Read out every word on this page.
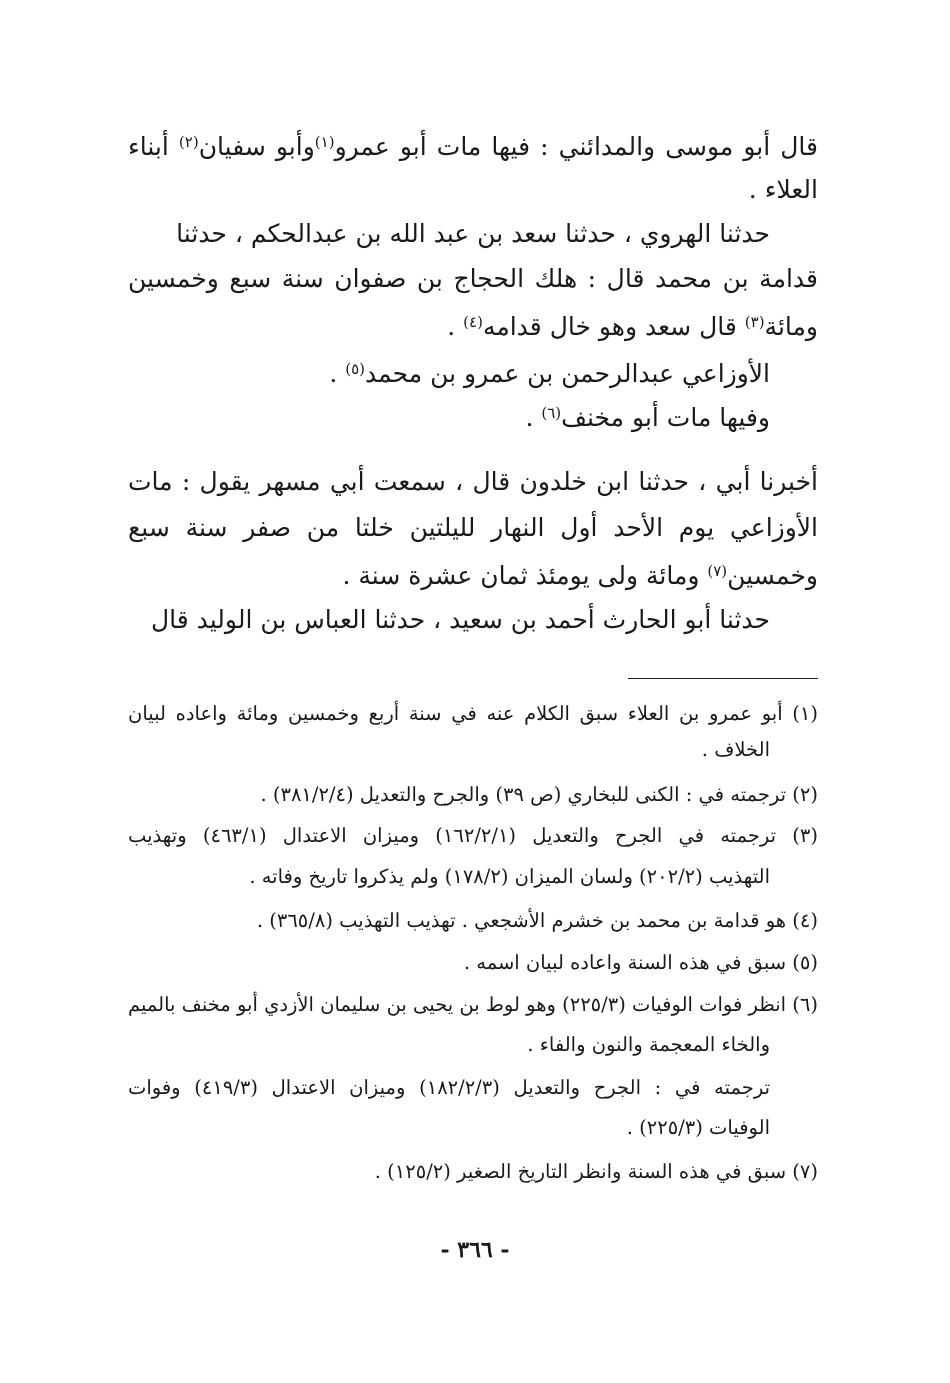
قال أبو موسى والمدائني : فيها مات أبو عمرو$^{(١)}$وأبو سفيان$^{(٢)}$ أبناء
العلاء .
حدثنا الهروي ، حدثنا سعد بن عبد الله بن عبدالحكم ، حدثنا
قدامة بن محمد قال : هلك الحجاج بن صفوان سنة سبع وخمسين
ومائة$^{(٣)}$ قال سعد وهو خال قدامه$^{(٤)}$ .
الأوزاعي عبدالرحمن بن عمرو بن محمد$^{(٥)}$ .
وفيها مات أبو مخنف$^{(٦)}$ .
أخبرنا أبي ، حدثنا ابن خلدون قال ، سمعت أبي مسهر يقول : مات
الأوزاعي يوم الأحد أول النهار لليلتين خلتا من صفر سنة سبع
وخمسين$^{(٧)}$ ومائة ولى يومئذ ثمان عشرة سنة .
حدثنا أبو الحارث أحمد بن سعيد ، حدثنا العباس بن الوليد قال
(١) أبو عمرو بن العلاء سبق الكلام عنه في سنة أربع وخمسين ومائة واعاده لبيان
الخلاف .
(٢) ترجمته في : الكنى للبخاري (ص ٣٩) والجرح والتعديل (٣٨١/٢/٤) .
(٣) ترجمته في الجرح والتعديل (١٦٢/٢/١) وميزان الاعتدال (٤٦٣/١) وتهذيب
التهذيب (٢٠٢/٢) ولسان الميزان (١٧٨/٢) ولم يذكروا تاريخ وفاته .
(٤) هو قدامة بن محمد بن خشرم الأشجعي . تهذيب التهذيب (٣٦٥/٨) .
(٥) سبق في هذه السنة واعاده لبيان اسمه .
(٦) انظر فوات الوفيات (٢٢٥/٣) وهو لوط بن يحيى بن سليمان الأزدي أبو مخنف بالميم
والخاء المعجمة والنون والفاء .
ترجمته في : الجرح والتعديل (١٨٢/٢/٣) وميزان الاعتدال (٤١٩/٣) وفوات
الوفيات (٢٢٥/٣) .
(٧) سبق في هذه السنة وانظر التاريخ الصغير (١٢٥/٢) .
- ٣٦٦ -
